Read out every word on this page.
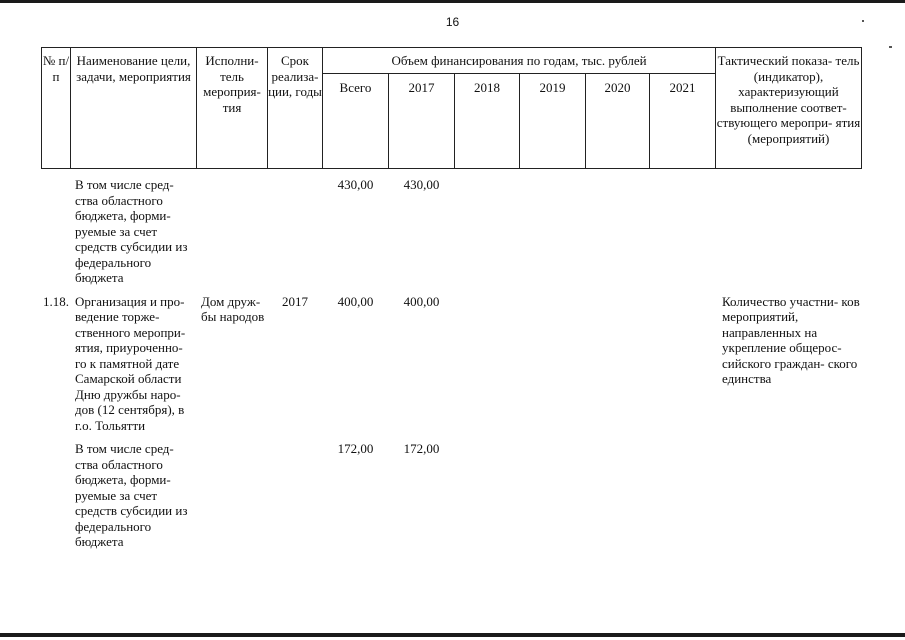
16
№ п/п	Наименование цели, задачи, мероприятия	Исполни- тель мероприя- тия	Срок реализа- ции, годы	Объем финансирования по годам, тыс. рублей						Тактический показа- тель (индикатор), характеризующий выполнение соответ- ствующего меропри- ятия (мероприятий)
				Всего	2017	2018	2019	2020	2021	

	В том числе сред- ства областного бюджета, форми- руемые за счет средств субсидии из федерального бюджета			430,00	430,00					
1.18.	Организация и про- ведение торже- ственного меропри- ятия, приуроченно- го к памятной дате Самарской области Дню дружбы наро- дов (12 сентября), в г.о. Тольятти	Дом друж- бы народов	2017	400,00	400,00					Количество участни- ков мероприятий, направленных на укрепление общерос- сийского граждан- ского единства
	В том числе сред- ства областного бюджета, форми- руемые за счет средств субсидии из федерального бюджета			172,00	172,00					
